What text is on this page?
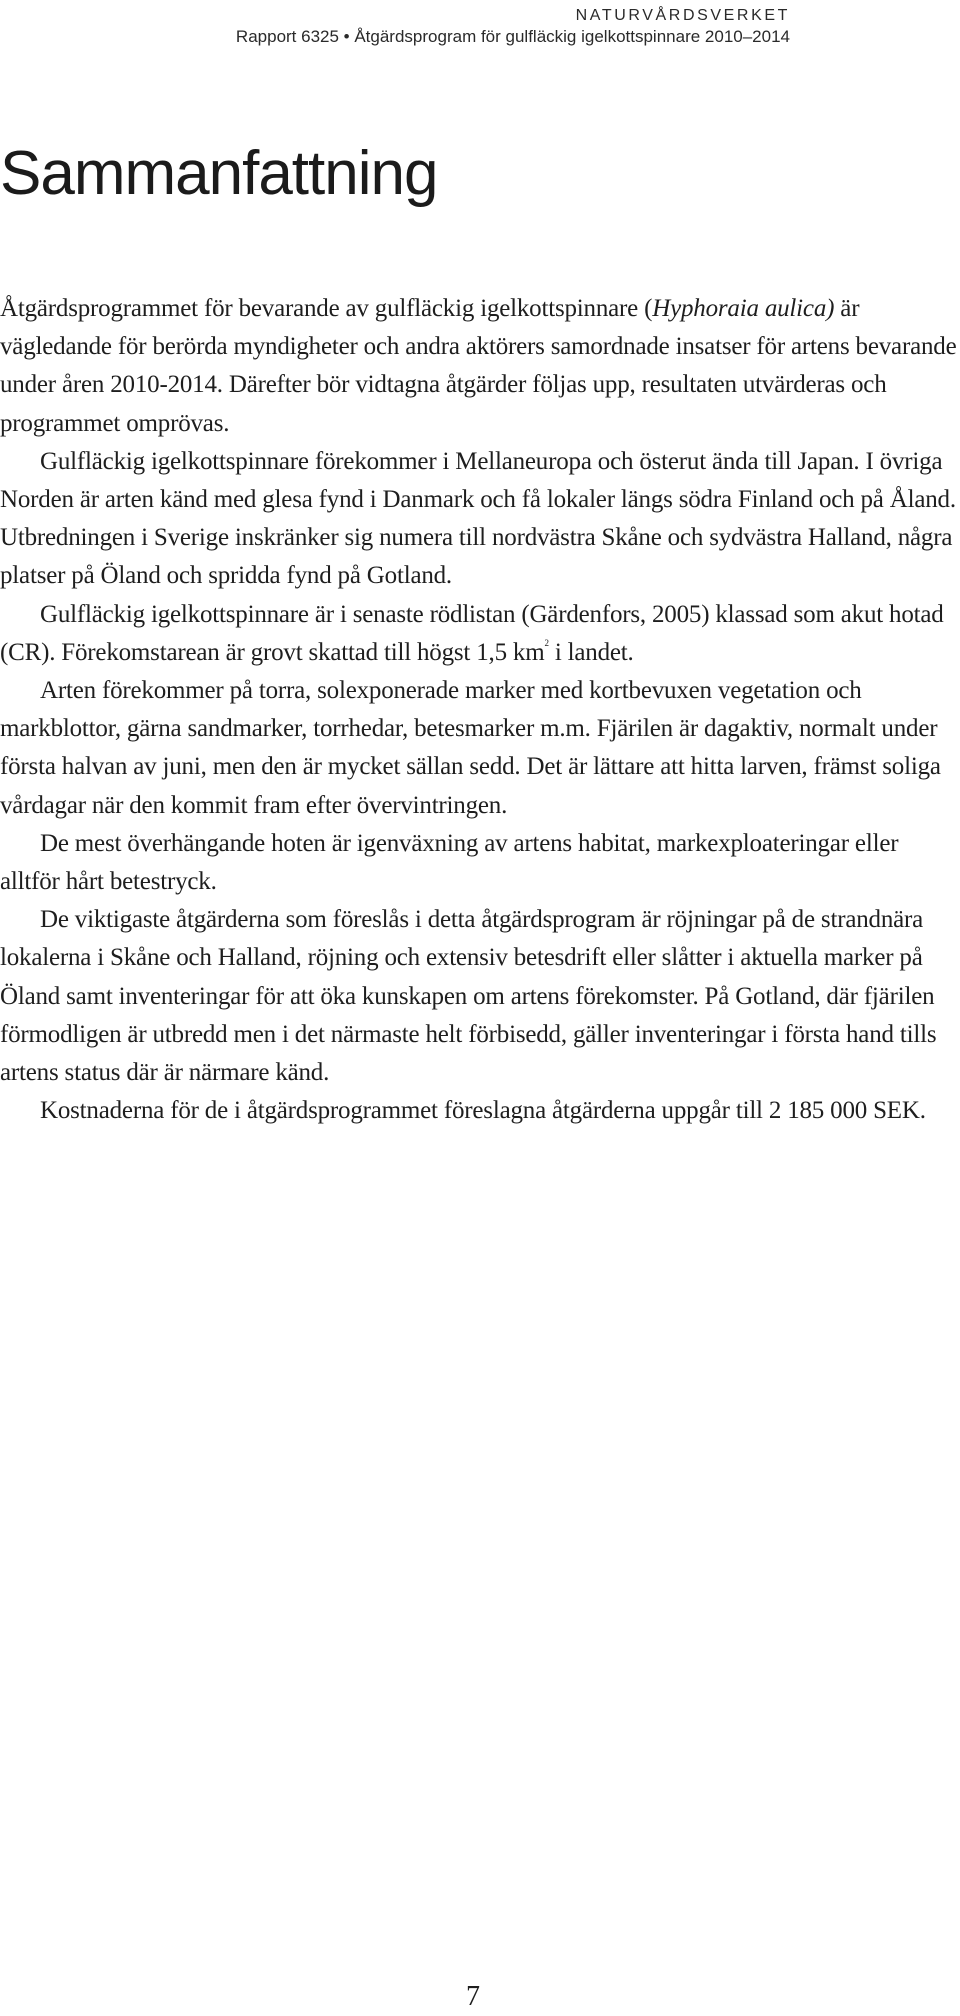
NATURVÅRDSVERKET
Rapport 6325 • Åtgärdsprogram för gulfläckig igelkottspinnare 2010–2014
Sammanfattning

Åtgärdsprogrammet för bevarande av gulfläckig igelkottspinnare (Hyphoraia aulica) är vägledande för berörda myndigheter och andra aktörers samordnade insatser för artens bevarande under åren 2010-2014. Därefter bör vidtagna åtgärder följas upp, resultaten utvärderas och programmet omprövas.

Gulfläckig igelkottspinnare förekommer i Mellaneuropa och österut ända till Japan. I övriga Norden är arten känd med glesa fynd i Danmark och få lokaler längs södra Finland och på Åland. Utbredningen i Sverige inskränker sig numera till nordvästra Skåne och sydvästra Halland, några platser på Öland och spridda fynd på Gotland.

Gulfläckig igelkottspinnare är i senaste rödlistan (Gärdenfors, 2005) klassad som akut hotad (CR). Förekomstarean är grovt skattad till högst 1,5 $km^2$ i landet.

Arten förekommer på torra, solexponerade marker med kortbevuxen vegetation och markblottor, gärna sandmarker, torrhedar, betesmarker m.m. Fjärilen är dagaktiv, normalt under första halvan av juni, men den är mycket sällan sedd. Det är lättare att hitta larven, främst soliga vårdagar när den kommit fram efter övervintringen.

De mest överhängande hoten är igenväxning av artens habitat, markexploateringar eller alltför hårt betestryck.

De viktigaste åtgärderna som föreslås i detta åtgärdsprogram är röjningar på de strandnära lokalerna i Skåne och Halland, röjning och extensiv betesdrift eller slåtter i aktuella marker på Öland samt inventeringar för att öka kunskapen om artens förekomster. På Gotland, där fjärilen förmodligen är utbredd men i det närmaste helt förbisedd, gäller inventeringar i första hand tills artens status där är närmare känd.

Kostnaderna för de i åtgärdsprogrammet föreslagna åtgärderna uppgår till 2 185 000 SEK.

7
